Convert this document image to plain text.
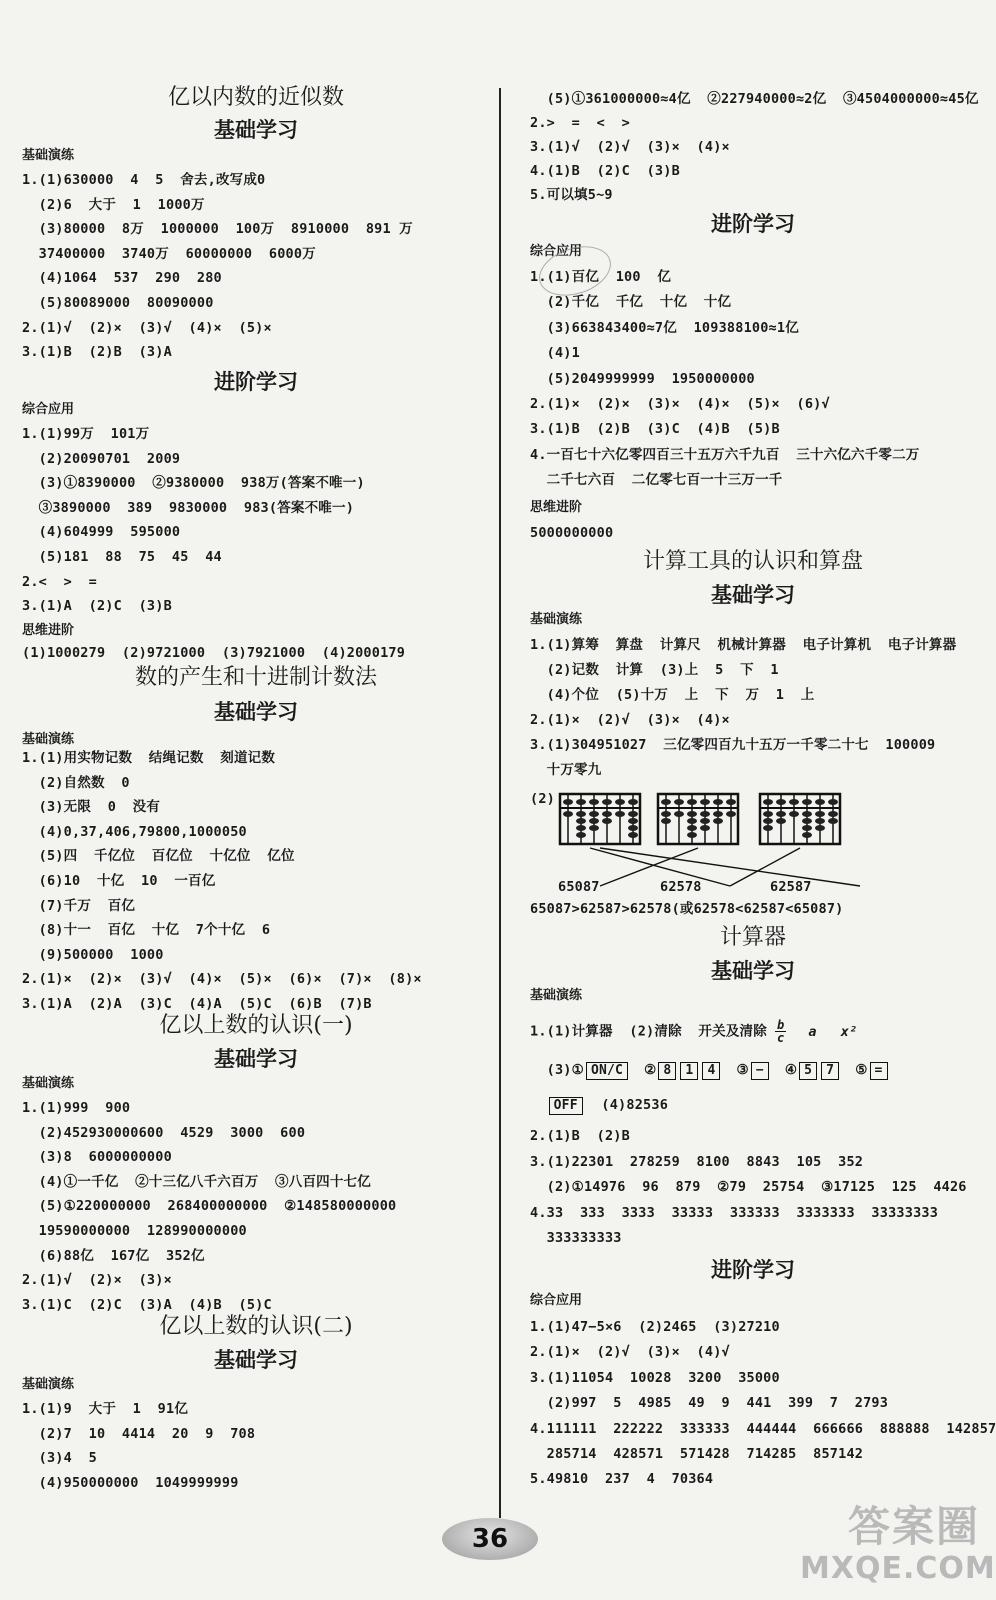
亿以内数的近似数
基础学习
基础演练
1.(1)630000  4  5  舍去,改写成0
(2)6  大于  1  1000万
(3)80000  8万  1000000  100万  8910000  891 万
37400000  3740万  60000000  6000万
(4)1064  537  290  280
(5)80089000  80090000
2.(1)√  (2)×  (3)√  (4)×  (5)×
3.(1)B  (2)B  (3)A
进阶学习
综合应用
1.(1)99万  101万
(2)20090701  2009
(3)①8390000  ②9380000  938万(答案不唯一)
③3890000  389  9830000  983(答案不唯一)
(4)604999  595000
(5)181  88  75  45  44
2.<  >  =
3.(1)A  (2)C  (3)B
思维进阶
(1)1000279  (2)9721000  (3)7921000  (4)2000179
数的产生和十进制计数法
基础学习
基础演练
1.(1)用实物记数  结绳记数  刻道记数
(2)自然数  0
(3)无限  0  没有
(4)0,37,406,79800,1000050
(5)四  千亿位  百亿位  十亿位  亿位
(6)10  十亿  10  一百亿
(7)千万  百亿
(8)十一  百亿  十亿  7个十亿  6
(9)500000  1000
2.(1)×  (2)×  (3)√  (4)×  (5)×  (6)×  (7)×  (8)×
3.(1)A  (2)A  (3)C  (4)A  (5)C  (6)B  (7)B
亿以上数的认识(一)
基础学习
基础演练
1.(1)999  900
(2)452930000600  4529  3000  600
(3)8  6000000000
(4)①一千亿  ②十三亿八千六百万  ③八百四十七亿
(5)①220000000  268400000000  ②148580000000
19590000000  128990000000
(6)88亿  167亿  352亿
2.(1)√  (2)×  (3)×
3.(1)C  (2)C  (3)A  (4)B  (5)C
亿以上数的认识(二)
基础学习
基础演练
1.(1)9  大于  1  91亿
(2)7  10  4414  20  9  708
(3)4  5
(4)950000000  1049999999
(5)①361000000≈4亿  ②227940000≈2亿  ③4504000000≈45亿
2.>  =  <  >
3.(1)√  (2)√  (3)×  (4)×
4.(1)B  (2)C  (3)B
5.可以填5~9
进阶学习
综合应用
1.(1)百亿  100  亿
(2)千亿  千亿  十亿  十亿
(3)663843400≈7亿  109388100≈1亿
(4)1
(5)2049999999  1950000000
2.(1)×  (2)×  (3)×  (4)×  (5)×  (6)√
3.(1)B  (2)B  (3)C  (4)B  (5)B
4.一百七十六亿零四百三十五万六千九百  三十六亿六千零二万
二千七六百  二亿零七百一十三万一千
思维进阶
5000000000
计算工具的认识和算盘
基础学习
基础演练
1.(1)算筹  算盘  计算尺  机械计算器  电子计算机  电子计算器
(2)记数  计算  (3)上  5  下  1
(4)个位  (5)十万  上  下  万  1  上
2.(1)×  (2)√  (3)×  (4)×
3.(1)304951027  三亿零四百九十五万一千零二十七  100009
十万零九
(2)
65087	62578	62587
65087>62587>62578(或62578<62587<65087)
计算器
基础学习
基础演练
1.(1)计算器  (2)清除  开关及清除 $\frac{b}{c}$ a x²
(3)① ON/C ② 8 1 4 ③ − ④ 5 7 ⑤ =
OFF  (4)82536
2.(1)B  (2)B
3.(1)22301  278259  8100  8843  105  352
(2)①14976  96  879  ②79  25754  ③17125  125  4426
4.33  333  3333  33333  333333  3333333  33333333
333333333
进阶学习
综合应用
1.(1)47−5×6  (2)2465  (3)27210
2.(1)×  (2)√  (3)×  (4)√
3.(1)11054  10028  3200  35000
(2)997  5  4985  49  9  441  399  7  2793
4.111111  222222  333333  444444  666666  888888  142857
285714  428571  571428  714285  857142
5.49810  237  4  70364
36	答案圈
MXQE.COM
